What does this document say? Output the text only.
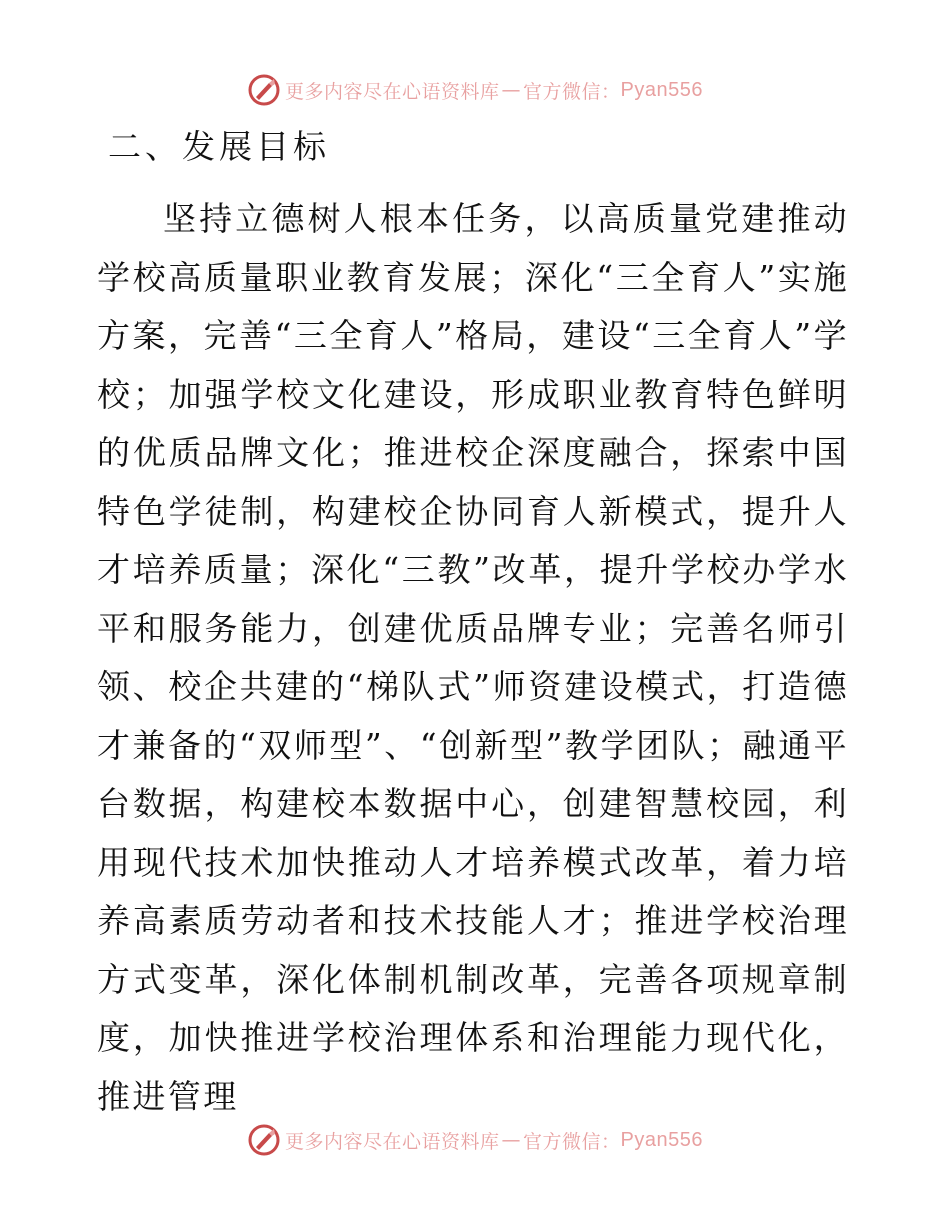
更多内容尽在心语资料库 — 官方微信： Pyan556
二、发展目标

坚持立德树人根本任务，以高质量党建推动学校高质量职业教育发展；深化“三全育人”实施方案，完善“三全育人”格局，建设“三全育人”学校；加强学校文化建设，形成职业教育特色鲜明的优质品牌文化；推进校企深度融合，探索中国特色学徒制，构建校企协同育人新模式，提升人才培养质量；深化“三教”改革，提升学校办学水平和服务能力，创建优质品牌专业；完善名师引领、校企共建的“梯队式”师资建设模式，打造德才兼备的“双师型”、“创新型”教学团队；融通平台数据，构建校本数据中心，创建智慧校园，利用现代技术加快推动人才培养模式改革，着力培养高素质劳动者和技术技能人才；推进学校治理方式变革，深化体制机制改革，完善各项规章制度，加快推进学校治理体系和治理能力现代化，推进管理

更多内容尽在心语资料库 — 官方微信： Pyan556
